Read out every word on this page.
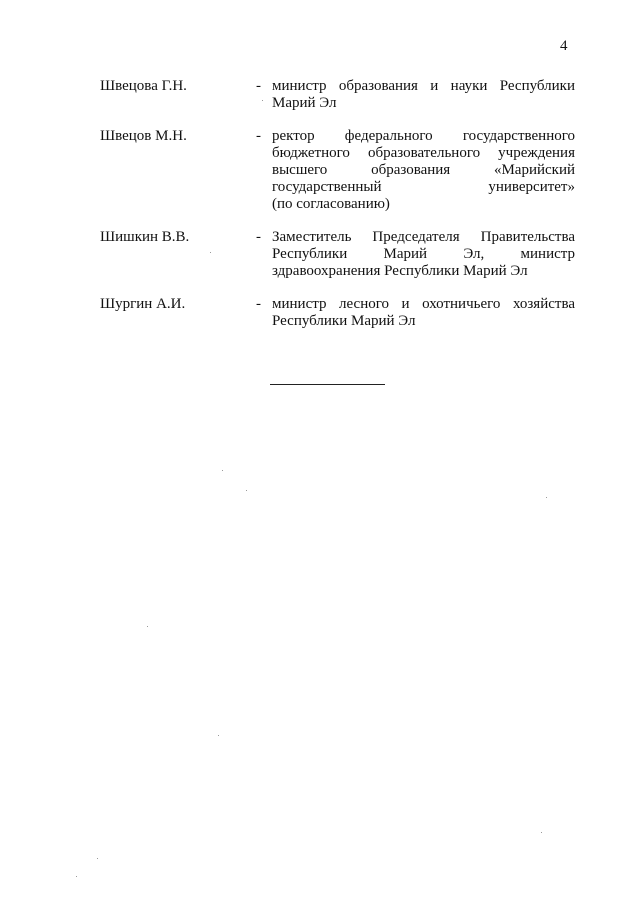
4
Швецова Г.Н.	- министр образования и науки Республики
Марий Эл
Швецов М.Н.	- ректор федерального государственного
бюджетного образовательного учреждения
высшего образования «Марийский
государственный университет»
(по согласованию)
Шишкин В.В.	- Заместитель Председателя Правительства
Республики Марий Эл, министр
здравоохранения Республики Марий Эл
Шургин А.И.	- министр лесного и охотничьего хозяйства
Республики Марий Эл
